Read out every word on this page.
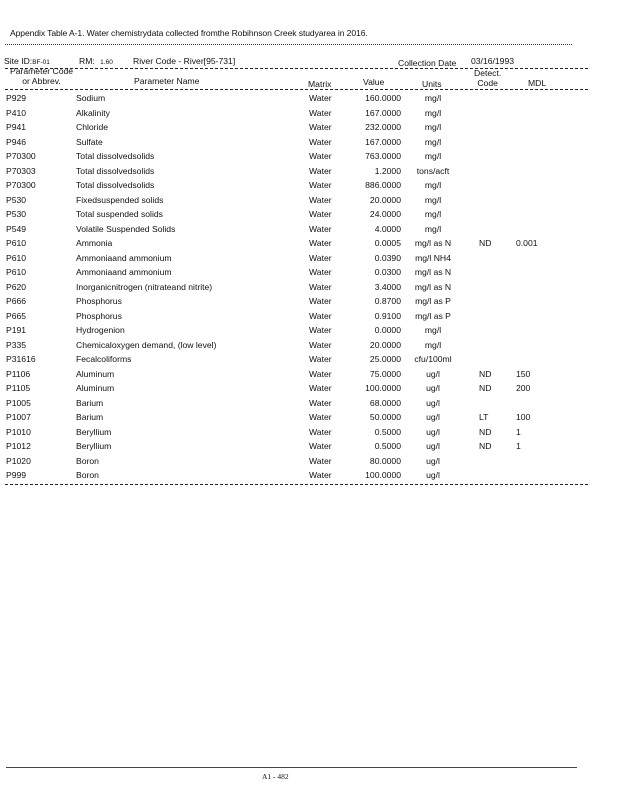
Appendix Table A-1. Water chemistrydata collected fromthe Robihnson Creek studyarea in 2016.
Site ID:BF-01	RM: 1.60 River Code - River[95-731]	Collection Date 03/16/1993
Parameter Code
or Abbrev.	Parameter Name	Matrix	Value	Units
Detect.
Code	MDL
P929	Sodium	Water	160.0000	mg/l
P410	Alkalinity	Water	167.0000	mg/l
P941	Chloride	Water	232.0000	mg/l
P946	Sulfate	Water	167.0000	mg/l
P70300	Total dissolvedsolids	Water	763.0000	mg/l
P70303	Total dissolvedsolids	Water	1.2000	tons/acft
P70300	Total dissolvedsolids	Water	886.0000	mg/l
P530	Fixedsuspended solids	Water	20.0000	mg/l
P530	Total suspended solids	Water	24.0000	mg/l
P549	Volatile Suspended Solids	Water	4.0000	mg/l
P610	Ammonia	Water	0.0005	mg/l as N	ND	0.001
P610	Ammoniaand ammonium	Water	0.0390	mg/l NH4
P610	Ammoniaand ammonium	Water	0.0300	mg/l as N
P620	Inorganicnitrogen (nitrateand nitrite)	Water	3.4000	mg/l as N
P666	Phosphorus	Water	0.8700	mg/l as P
P665	Phosphorus	Water	0.9100	mg/l as P
P191	Hydrogenion	Water	0.0000	mg/l
P335	Chemicaloxygen demand, (low level)	Water	20.0000	mg/l
P31616	Fecalcoliforms	Water	25.0000	cfu/100ml
P1106	Aluminum	Water	75.0000	ug/l	ND	150
P1105	Aluminum	Water	100.0000	ug/l	ND	200
P1005	Barium	Water	68.0000	ug/l
P1007	Barium	Water	50.0000	ug/l	LT	100
P1010	Beryllium	Water	0.5000	ug/l	ND	1
P1012	Beryllium	Water	0.5000	ug/l	ND	1
P1020	Boron	Water	80.0000	ug/l
P999	Boron	Water	100.0000	ug/l
A1 - 482
